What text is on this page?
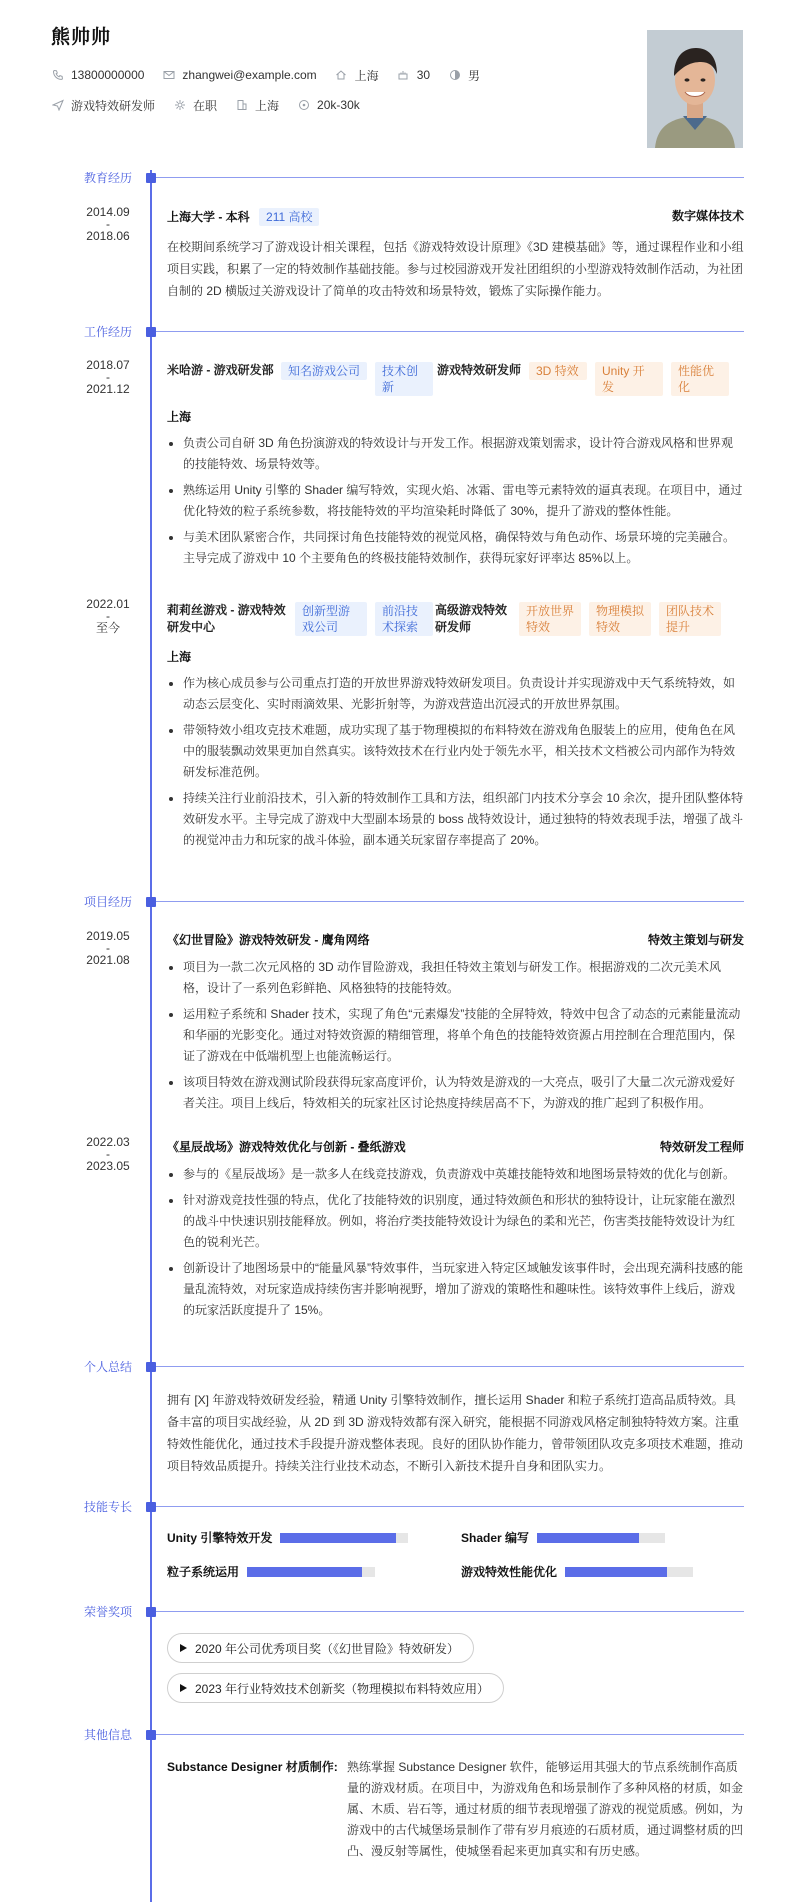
熊帅帅
13800000000	zhangwei@example.com	上海	30	男
游戏特效研发师	在职	上海	20k-30k
教育经历
2014.09
-
2018.06
上海大学 - 本科 211 高校	数字媒体技术
在校期间系统学习了游戏设计相关课程，包括《游戏特效设计原理》《3D 建模基础》等，通过课程作业和小组项目实践，积累了一定的特效制作基础技能。参与过校园游戏开发社团组织的小型游戏特效制作活动，为社团自制的 2D 横版过关游戏设计了简单的攻击特效和场景特效，锻炼了实际操作能力。
工作经历
2018.07
-
2021.12
米哈游 - 游戏研发部	知名游戏公司	技术创新
游戏特效研发师	3D 特效	Unity 开发
性能优化
上海
负责公司自研 3D 角色扮演游戏的特效设计与开发工作。根据游戏策划需求，设计符合游戏风格和世界观的技能特效、场景特效等。
熟练运用 Unity 引擎的 Shader 编写特效，实现火焰、冰霜、雷电等元素特效的逼真表现。在项目中，通过优化特效的粒子系统参数，将技能特效的平均渲染耗时降低了 30%，提升了游戏的整体性能。
与美术团队紧密合作，共同探讨角色技能特效的视觉风格，确保特效与角色动作、场景环境的完美融合。主导完成了游戏中 10 个主要角色的终极技能特效制作，获得玩家好评率达 85%以上。
2022.01
-
至今
莉莉丝游戏 - 游戏特效研发中心
创新型游戏公司
前沿技术探索
高级游戏特效研发师
开放世界特效
物理模拟特效
团队技术提升
上海
作为核心成员参与公司重点打造的开放世界游戏特效研发项目。负责设计并实现游戏中天气系统特效，如动态云层变化、实时雨滴效果、光影折射等，为游戏营造出沉浸式的开放世界氛围。
带领特效小组攻克技术难题，成功实现了基于物理模拟的布料特效在游戏角色服装上的应用，使角色在风中的服装飘动效果更加自然真实。该特效技术在行业内处于领先水平，相关技术文档被公司内部作为特效研发标准范例。
持续关注行业前沿技术，引入新的特效制作工具和方法，组织部门内技术分享会 10 余次，提升团队整体特效研发水平。主导完成了游戏中大型副本场景的 boss 战特效设计，通过独特的特效表现手法，增强了战斗的视觉冲击力和玩家的战斗体验，副本通关玩家留存率提高了 20%。
项目经历
2019.05
-
2021.08
《幻世冒险》游戏特效研发 - 鹰角网络	特效主策划与研发
项目为一款二次元风格的 3D 动作冒险游戏，我担任特效主策划与研发工作。根据游戏的二次元美术风格，设计了一系列色彩鲜艳、风格独特的技能特效。
运用粒子系统和 Shader 技术，实现了角色“元素爆发”技能的全屏特效，特效中包含了动态的元素能量流动和华丽的光影变化。通过对特效资源的精细管理，将单个角色的技能特效资源占用控制在合理范围内，保证了游戏在中低端机型上也能流畅运行。
该项目特效在游戏测试阶段获得玩家高度评价，认为特效是游戏的一大亮点，吸引了大量二次元游戏爱好者关注。项目上线后，特效相关的玩家社区讨论热度持续居高不下，为游戏的推广起到了积极作用。
2022.03
-
2023.05
《星辰战场》游戏特效优化与创新 - 叠纸游戏	特效研发工程师
参与的《星辰战场》是一款多人在线竞技游戏，负责游戏中英雄技能特效和地图场景特效的优化与创新。
针对游戏竞技性强的特点，优化了技能特效的识别度，通过特效颜色和形状的独特设计，让玩家能在激烈的战斗中快速识别技能释放。例如，将治疗类技能特效设计为绿色的柔和光芒，伤害类技能特效设计为红色的锐利光芒。
创新设计了地图场景中的“能量风暴”特效事件，当玩家进入特定区域触发该事件时，会出现充满科技感的能量乱流特效，对玩家造成持续伤害并影响视野，增加了游戏的策略性和趣味性。该特效事件上线后，游戏的玩家活跃度提升了 15%。
个人总结
拥有 [X] 年游戏特效研发经验，精通 Unity 引擎特效制作，擅长运用 Shader 和粒子系统打造高品质特效。具备丰富的项目实战经验，从 2D 到 3D 游戏特效都有深入研究，能根据不同游戏风格定制独特特效方案。注重特效性能优化，通过技术手段提升游戏整体表现。良好的团队协作能力，曾带领团队攻克多项技术难题，推动项目特效品质提升。持续关注行业技术动态，不断引入新技术提升自身和团队实力。
技能专长
Unity 引擎特效开发	Shader 编写
粒子系统运用	游戏特效性能优化
荣誉奖项
2020 年公司优秀项目奖（《幻世冒险》特效研发）
2023 年行业特效技术创新奖（物理模拟布料特效应用）
其他信息
Substance Designer 材质制作: 熟练掌握 Substance Designer 软件，能够运用其强大的节点系统制作高质量的游戏材质。在项目中，为游戏角色和场景制作了多种风格的材质，如金属、木质、岩石等，通过材质的细节表现增强了游戏的视觉质感。例如，为游戏中的古代城堡场景制作了带有岁月痕迹的石质材质，通过调整材质的凹凸、漫反射等属性，使城堡看起来更加真实和有历史感。
